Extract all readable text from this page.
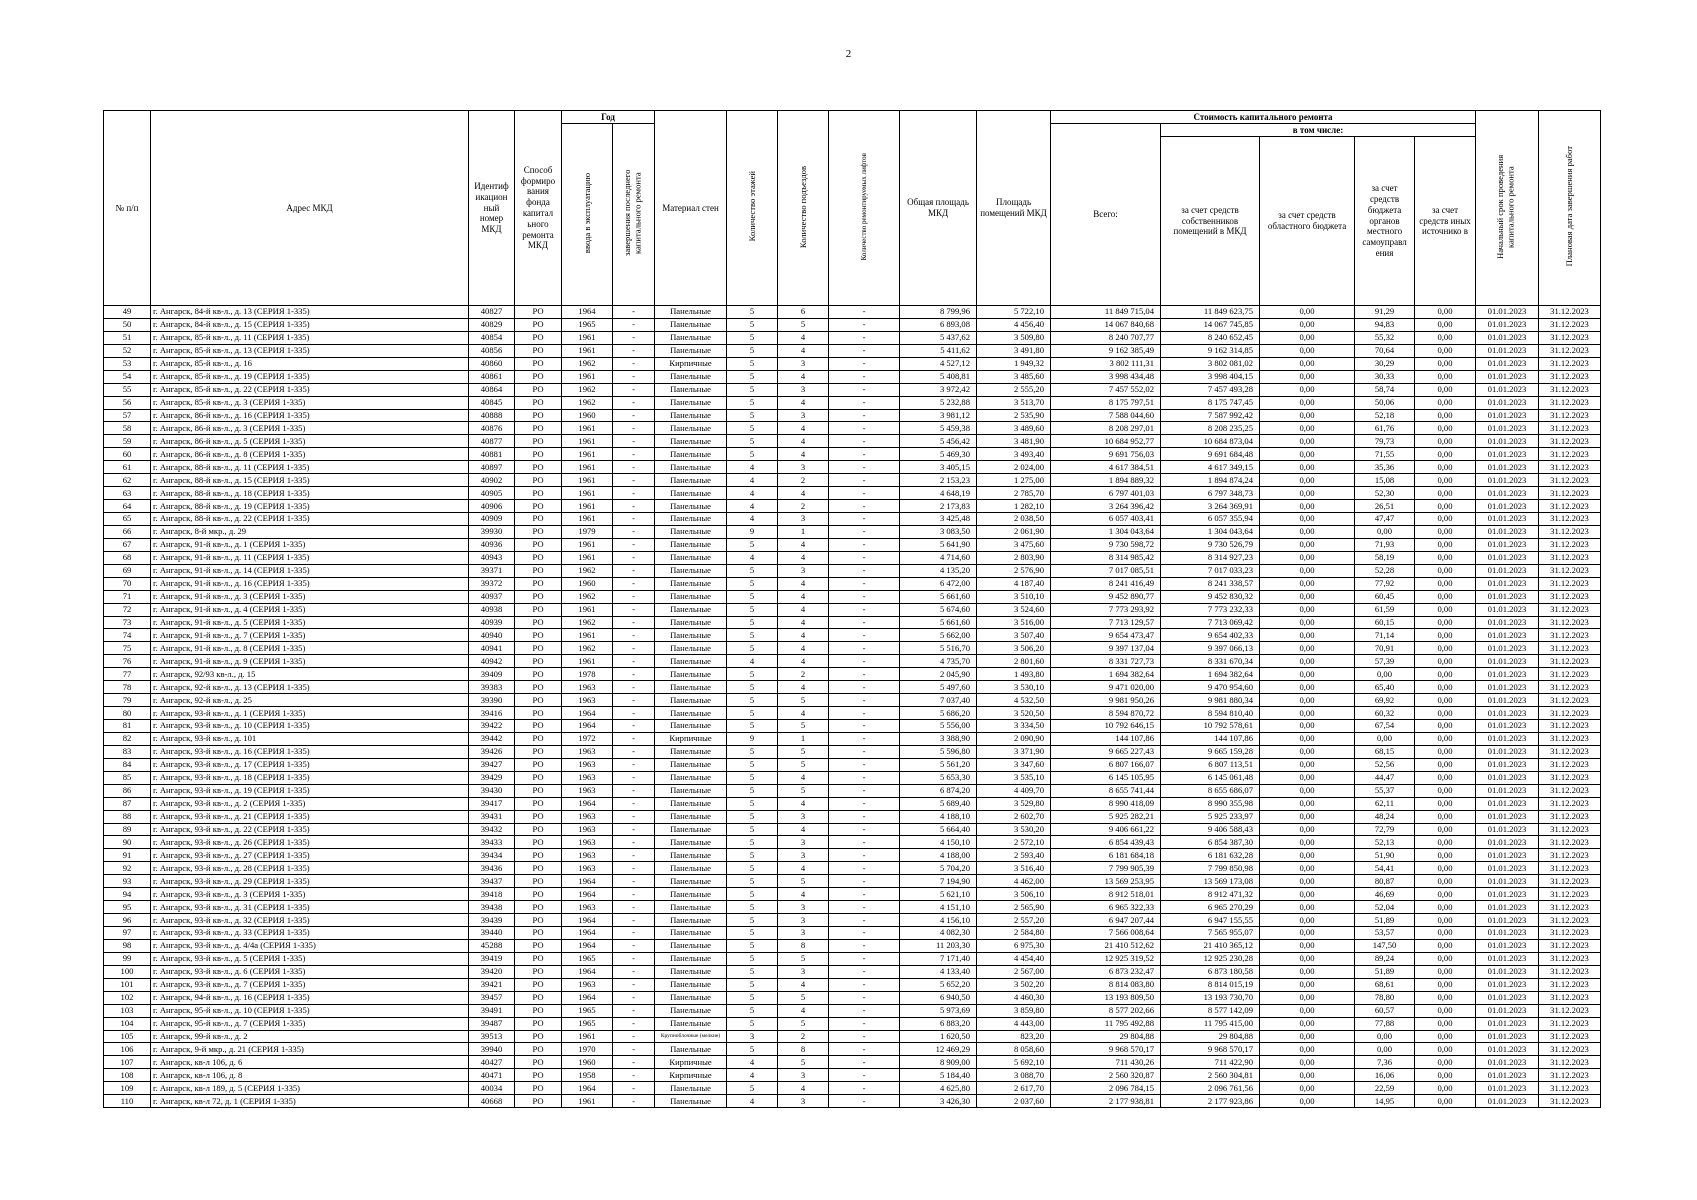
2
№ п/п	Адрес МКД	Идентиф икацион ный номер МКД	Способ формиро вания фонда капитал ьного ремонта МКД	Год		Материал стен	Количество этажей	Количество подъездов	Количество ремонтируемых лифтов	Общая площадь МКД	Площадь помещений МКД	Стоимость капитального ремонта					Начальный срок проведения капитального ремонта	Плановая дата завершения работ
				ввода в эксплуатацию	завершения последнего капитального ремонта							Всего:	в том числе:					
													за счет средств собственников помещений в МКД	за счет средств областного бюджета	за счет средств бюджета органов местного самоуправл ения	за счет средств иных источнико в		
49	г. Ангарск, 84-й кв-л., д. 13 (СЕРИЯ 1-335)	40827	РО	1964	-	Панельные	5	6	-	8 799,96	5 722,10	11 849 715,04	11 849 623,75	0,00	91,29	0,00	01.01.2023	31.12.2023
50	г. Ангарск, 84-й кв-л., д. 15 (СЕРИЯ 1-335)	40829	РО	1965	-	Панельные	5	5	-	6 893,08	4 456,40	14 067 840,68	14 067 745,85	0,00	94,83	0,00	01.01.2023	31.12.2023
51	г. Ангарск, 85-й кв-л., д. 11 (СЕРИЯ 1-335)	40854	РО	1961	-	Панельные	5	4	-	5 437,62	3 509,80	8 240 707,77	8 240 652,45	0,00	55,32	0,00	01.01.2023	31.12.2023
52	г. Ангарск, 85-й кв-л., д. 13 (СЕРИЯ 1-335)	40856	РО	1961	-	Панельные	5	4	-	5 411,62	3 491,80	9 162 385,49	9 162 314,85	0,00	70,64	0,00	01.01.2023	31.12.2023
53	г. Ангарск, 85-й кв-л., д. 16	40860	РО	1962	-	Кирпичные	5	3	-	4 527,12	1 949,32	3 802 111,31	3 802 081,02	0,00	30,29	0,00	01.01.2023	31.12.2023
54	г. Ангарск, 85-й кв-л., д. 19 (СЕРИЯ 1-335)	40861	РО	1961	-	Панельные	5	4	-	5 408,81	3 485,60	3 998 434,48	3 998 404,15	0,00	30,33	0,00	01.01.2023	31.12.2023
55	г. Ангарск, 85-й кв-л., д. 22 (СЕРИЯ 1-335)	40864	РО	1962	-	Панельные	5	3	-	3 972,42	2 555,20	7 457 552,02	7 457 493,28	0,00	58,74	0,00	01.01.2023	31.12.2023
56	г. Ангарск, 85-й кв-л., д. 3 (СЕРИЯ 1-335)	40845	РО	1962	-	Панельные	5	4	-	5 232,88	3 513,70	8 175 797,51	8 175 747,45	0,00	50,06	0,00	01.01.2023	31.12.2023
57	г. Ангарск, 86-й кв-л., д. 16 (СЕРИЯ 1-335)	40888	РО	1960	-	Панельные	5	3	-	3 981,12	2 535,90	7 588 044,60	7 587 992,42	0,00	52,18	0,00	01.01.2023	31.12.2023
58	г. Ангарск, 86-й кв-л., д. 3 (СЕРИЯ 1-335)	40876	РО	1961	-	Панельные	5	4	-	5 459,38	3 489,60	8 208 297,01	8 208 235,25	0,00	61,76	0,00	01.01.2023	31.12.2023
59	г. Ангарск, 86-й кв-л., д. 5 (СЕРИЯ 1-335)	40877	РО	1961	-	Панельные	5	4	-	5 456,42	3 481,90	10 684 952,77	10 684 873,04	0,00	79,73	0,00	01.01.2023	31.12.2023
60	г. Ангарск, 86-й кв-л., д. 8 (СЕРИЯ 1-335)	40881	РО	1961	-	Панельные	5	4	-	5 469,30	3 493,40	9 691 756,03	9 691 684,48	0,00	71,55	0,00	01.01.2023	31.12.2023
61	г. Ангарск, 88-й кв-л., д. 11 (СЕРИЯ 1-335)	40897	РО	1961	-	Панельные	4	3	-	3 405,15	2 024,00	4 617 384,51	4 617 349,15	0,00	35,36	0,00	01.01.2023	31.12.2023
62	г. Ангарск, 88-й кв-л., д. 15 (СЕРИЯ 1-335)	40902	РО	1961	-	Панельные	4	2	-	2 153,23	1 275,00	1 894 889,32	1 894 874,24	0,00	15,08	0,00	01.01.2023	31.12.2023
63	г. Ангарск, 88-й кв-л., д. 18 (СЕРИЯ 1-335)	40905	РО	1961	-	Панельные	4	4	-	4 648,19	2 785,70	6 797 401,03	6 797 348,73	0,00	52,30	0,00	01.01.2023	31.12.2023
64	г. Ангарск, 88-й кв-л., д. 19 (СЕРИЯ 1-335)	40906	РО	1961	-	Панельные	4	2	-	2 173,83	1 282,10	3 264 396,42	3 264 369,91	0,00	26,51	0,00	01.01.2023	31.12.2023
65	г. Ангарск, 88-й кв-л., д. 22 (СЕРИЯ 1-335)	40909	РО	1961	-	Панельные	4	3	-	3 425,48	2 038,50	6 057 403,41	6 057 355,94	0,00	47,47	0,00	01.01.2023	31.12.2023
66	г. Ангарск, 8-й мкр., д. 29	39930	РО	1979	-	Панельные	9	1	-	3 083,50	2 061,90	1 304 043,64	1 304 043,64	0,00	0,00	0,00	01.01.2023	31.12.2023
67	г. Ангарск, 91-й кв-л., д. 1 (СЕРИЯ 1-335)	40936	РО	1961	-	Панельные	5	4	-	5 641,90	3 475,60	9 730 598,72	9 730 526,79	0,00	71,93	0,00	01.01.2023	31.12.2023
68	г. Ангарск, 91-й кв-л., д. 11 (СЕРИЯ 1-335)	40943	РО	1961	-	Панельные	4	4	-	4 714,60	2 803,90	8 314 985,42	8 314 927,23	0,00	58,19	0,00	01.01.2023	31.12.2023
69	г. Ангарск, 91-й кв-л., д. 14 (СЕРИЯ 1-335)	39371	РО	1962	-	Панельные	5	3	-	4 135,20	2 576,90	7 017 085,51	7 017 033,23	0,00	52,28	0,00	01.01.2023	31.12.2023
70	г. Ангарск, 91-й кв-л., д. 16 (СЕРИЯ 1-335)	39372	РО	1960	-	Панельные	5	4	-	6 472,00	4 187,40	8 241 416,49	8 241 338,57	0,00	77,92	0,00	01.01.2023	31.12.2023
71	г. Ангарск, 91-й кв-л., д. 3 (СЕРИЯ 1-335)	40937	РО	1962	-	Панельные	5	4	-	5 661,60	3 510,10	9 452 890,77	9 452 830,32	0,00	60,45	0,00	01.01.2023	31.12.2023
72	г. Ангарск, 91-й кв-л., д. 4 (СЕРИЯ 1-335)	40938	РО	1961	-	Панельные	5	4	-	5 674,60	3 524,60	7 773 293,92	7 773 232,33	0,00	61,59	0,00	01.01.2023	31.12.2023
73	г. Ангарск, 91-й кв-л., д. 5 (СЕРИЯ 1-335)	40939	РО	1962	-	Панельные	5	4	-	5 661,60	3 516,00	7 713 129,57	7 713 069,42	0,00	60,15	0,00	01.01.2023	31.12.2023
74	г. Ангарск, 91-й кв-л., д. 7 (СЕРИЯ 1-335)	40940	РО	1961	-	Панельные	5	4	-	5 662,00	3 507,40	9 654 473,47	9 654 402,33	0,00	71,14	0,00	01.01.2023	31.12.2023
75	г. Ангарск, 91-й кв-л., д. 8 (СЕРИЯ 1-335)	40941	РО	1962	-	Панельные	5	4	-	5 516,70	3 506,20	9 397 137,04	9 397 066,13	0,00	70,91	0,00	01.01.2023	31.12.2023
76	г. Ангарск, 91-й кв-л., д. 9 (СЕРИЯ 1-335)	40942	РО	1961	-	Панельные	4	4	-	4 735,70	2 801,60	8 331 727,73	8 331 670,34	0,00	57,39	0,00	01.01.2023	31.12.2023
77	г. Ангарск, 92/93 кв-л., д. 15	39409	РО	1978	-	Панельные	5	2	-	2 045,90	1 493,80	1 694 382,64	1 694 382,64	0,00	0,00	0,00	01.01.2023	31.12.2023
78	г. Ангарск, 92-й кв-л., д. 13 (СЕРИЯ 1-335)	39383	РО	1963	-	Панельные	5	4	-	5 497,60	3 530,10	9 471 020,00	9 470 954,60	0,00	65,40	0,00	01.01.2023	31.12.2023
79	г. Ангарск, 92-й кв-л., д. 25	39390	РО	1963	-	Панельные	5	5	-	7 037,40	4 532,50	9 981 950,26	9 981 880,34	0,00	69,92	0,00	01.01.2023	31.12.2023
80	г. Ангарск, 93-й кв-л., д. 1 (СЕРИЯ 1-335)	39416	РО	1964	-	Панельные	5	4	-	5 686,20	3 520,50	8 594 870,72	8 594 810,40	0,00	60,32	0,00	01.01.2023	31.12.2023
81	г. Ангарск, 93-й кв-л., д. 10 (СЕРИЯ 1-335)	39422	РО	1964	-	Панельные	5	5	-	5 556,00	3 334,50	10 792 646,15	10 792 578,61	0,00	67,54	0,00	01.01.2023	31.12.2023
82	г. Ангарск, 93-й кв-л., д. 101	39442	РО	1972	-	Кирпичные	9	1	-	3 388,90	2 090,90	144 107,86	144 107,86	0,00	0,00	0,00	01.01.2023	31.12.2023
83	г. Ангарск, 93-й кв-л., д. 16 (СЕРИЯ 1-335)	39426	РО	1963	-	Панельные	5	5	-	5 596,80	3 371,90	9 665 227,43	9 665 159,28	0,00	68,15	0,00	01.01.2023	31.12.2023
84	г. Ангарск, 93-й кв-л., д. 17 (СЕРИЯ 1-335)	39427	РО	1963	-	Панельные	5	5	-	5 561,20	3 347,60	6 807 166,07	6 807 113,51	0,00	52,56	0,00	01.01.2023	31.12.2023
85	г. Ангарск, 93-й кв-л., д. 18 (СЕРИЯ 1-335)	39429	РО	1963	-	Панельные	5	4	-	5 653,30	3 535,10	6 145 105,95	6 145 061,48	0,00	44,47	0,00	01.01.2023	31.12.2023
86	г. Ангарск, 93-й кв-л., д. 19 (СЕРИЯ 1-335)	39430	РО	1963	-	Панельные	5	5	-	6 874,20	4 409,70	8 655 741,44	8 655 686,07	0,00	55,37	0,00	01.01.2023	31.12.2023
87	г. Ангарск, 93-й кв-л., д. 2 (СЕРИЯ 1-335)	39417	РО	1964	-	Панельные	5	4	-	5 689,40	3 529,80	8 990 418,09	8 990 355,98	0,00	62,11	0,00	01.01.2023	31.12.2023
88	г. Ангарск, 93-й кв-л., д. 21 (СЕРИЯ 1-335)	39431	РО	1963	-	Панельные	5	3	-	4 188,10	2 602,70	5 925 282,21	5 925 233,97	0,00	48,24	0,00	01.01.2023	31.12.2023
89	г. Ангарск, 93-й кв-л., д. 22 (СЕРИЯ 1-335)	39432	РО	1963	-	Панельные	5	4	-	5 664,40	3 530,20	9 406 661,22	9 406 588,43	0,00	72,79	0,00	01.01.2023	31.12.2023
90	г. Ангарск, 93-й кв-л., д. 26 (СЕРИЯ 1-335)	39433	РО	1963	-	Панельные	5	3	-	4 150,10	2 572,10	6 854 439,43	6 854 387,30	0,00	52,13	0,00	01.01.2023	31.12.2023
91	г. Ангарск, 93-й кв-л., д. 27 (СЕРИЯ 1-335)	39434	РО	1963	-	Панельные	5	3	-	4 188,00	2 593,40	6 181 684,18	6 181 632,28	0,00	51,90	0,00	01.01.2023	31.12.2023
92	г. Ангарск, 93-й кв-л., д. 28 (СЕРИЯ 1-335)	39436	РО	1963	-	Панельные	5	4	-	5 704,20	3 516,40	7 799 905,39	7 799 850,98	0,00	54,41	0,00	01.01.2023	31.12.2023
93	г. Ангарск, 93-й кв-л., д. 29 (СЕРИЯ 1-335)	39437	РО	1964	-	Панельные	5	5	-	7 194,90	4 462,00	13 569 253,95	13 569 173,08	0,00	80,87	0,00	01.01.2023	31.12.2023
94	г. Ангарск, 93-й кв-л., д. 3 (СЕРИЯ 1-335)	39418	РО	1964	-	Панельные	5	4	-	5 621,10	3 506,10	8 912 518,01	8 912 471,32	0,00	46,69	0,00	01.01.2023	31.12.2023
95	г. Ангарск, 93-й кв-л., д. 31 (СЕРИЯ 1-335)	39438	РО	1963	-	Панельные	5	3	-	4 151,10	2 565,90	6 965 322,33	6 965 270,29	0,00	52,04	0,00	01.01.2023	31.12.2023
96	г. Ангарск, 93-й кв-л., д. 32 (СЕРИЯ 1-335)	39439	РО	1964	-	Панельные	5	3	-	4 156,10	2 557,20	6 947 207,44	6 947 155,55	0,00	51,89	0,00	01.01.2023	31.12.2023
97	г. Ангарск, 93-й кв-л., д. 33 (СЕРИЯ 1-335)	39440	РО	1964	-	Панельные	5	3	-	4 082,30	2 584,80	7 566 008,64	7 565 955,07	0,00	53,57	0,00	01.01.2023	31.12.2023
98	г. Ангарск, 93-й кв-л., д. 4/4а (СЕРИЯ 1-335)	45288	РО	1964	-	Панельные	5	8	-	11 203,30	6 975,30	21 410 512,62	21 410 365,12	0,00	147,50	0,00	01.01.2023	31.12.2023
99	г. Ангарск, 93-й кв-л., д. 5 (СЕРИЯ 1-335)	39419	РО	1965	-	Панельные	5	5	-	7 171,40	4 454,40	12 925 319,52	12 925 230,28	0,00	89,24	0,00	01.01.2023	31.12.2023
100	г. Ангарск, 93-й кв-л., д. 6 (СЕРИЯ 1-335)	39420	РО	1964	-	Панельные	5	3	-	4 133,40	2 567,00	6 873 232,47	6 873 180,58	0,00	51,89	0,00	01.01.2023	31.12.2023
101	г. Ангарск, 93-й кв-л., д. 7 (СЕРИЯ 1-335)	39421	РО	1963	-	Панельные	5	4	-	5 652,20	3 502,20	8 814 083,80	8 814 015,19	0,00	68,61	0,00	01.01.2023	31.12.2023
102	г. Ангарск, 94-й кв-л., д. 16 (СЕРИЯ 1-335)	39457	РО	1964	-	Панельные	5	5	-	6 940,50	4 460,30	13 193 809,50	13 193 730,70	0,00	78,80	0,00	01.01.2023	31.12.2023
103	г. Ангарск, 95-й кв-л., д. 10 (СЕРИЯ 1-335)	39491	РО	1965	-	Панельные	5	4	-	5 973,69	3 859,80	8 577 202,66	8 577 142,09	0,00	60,57	0,00	01.01.2023	31.12.2023
104	г. Ангарск, 95-й кв-л., д. 7 (СЕРИЯ 1-335)	39487	РО	1965	-	Панельные	5	5	-	6 883,20	4 443,00	11 795 492,88	11 795 415,00	0,00	77,88	0,00	01.01.2023	31.12.2023
105	г. Ангарск, 99-й кв-л., д. 2	39513	РО	1961	-	Крупноблочные (мелкие)	3	2	-	1 620,50	823,20	29 804,88	29 804,88	0,00	0,00	0,00	01.01.2023	31.12.2023
106	г. Ангарск, 9-й мкр., д. 21 (СЕРИЯ 1-335)	39940	РО	1970	-	Панельные	5	8	-	12 469,29	8 058,60	9 968 570,17	9 968 570,17	0,00	0,00	0,00	01.01.2023	31.12.2023
107	г. Ангарск, кв-л 106, д. 6	40427	РО	1960	-	Кирпичные	4	5	-	8 909,00	5 692,10	711 430,26	711 422,90	0,00	7,36	0,00	01.01.2023	31.12.2023
108	г. Ангарск, кв-л 106, д. 8	40471	РО	1958	-	Кирпичные	4	3	-	5 184,40	3 088,70	2 560 320,87	2 560 304,81	0,00	16,06	0,00	01.01.2023	31.12.2023
109	г. Ангарск, кв-л 189, д. 5 (СЕРИЯ 1-335)	40034	РО	1964	-	Панельные	5	4	-	4 625,80	2 617,70	2 096 784,15	2 096 761,56	0,00	22,59	0,00	01.01.2023	31.12.2023
110	г. Ангарск, кв-л 72, д. 1 (СЕРИЯ 1-335)	40668	РО	1961	-	Панельные	4	3	-	3 426,30	2 037,60	2 177 938,81	2 177 923,86	0,00	14,95	0,00	01.01.2023	31.12.2023
